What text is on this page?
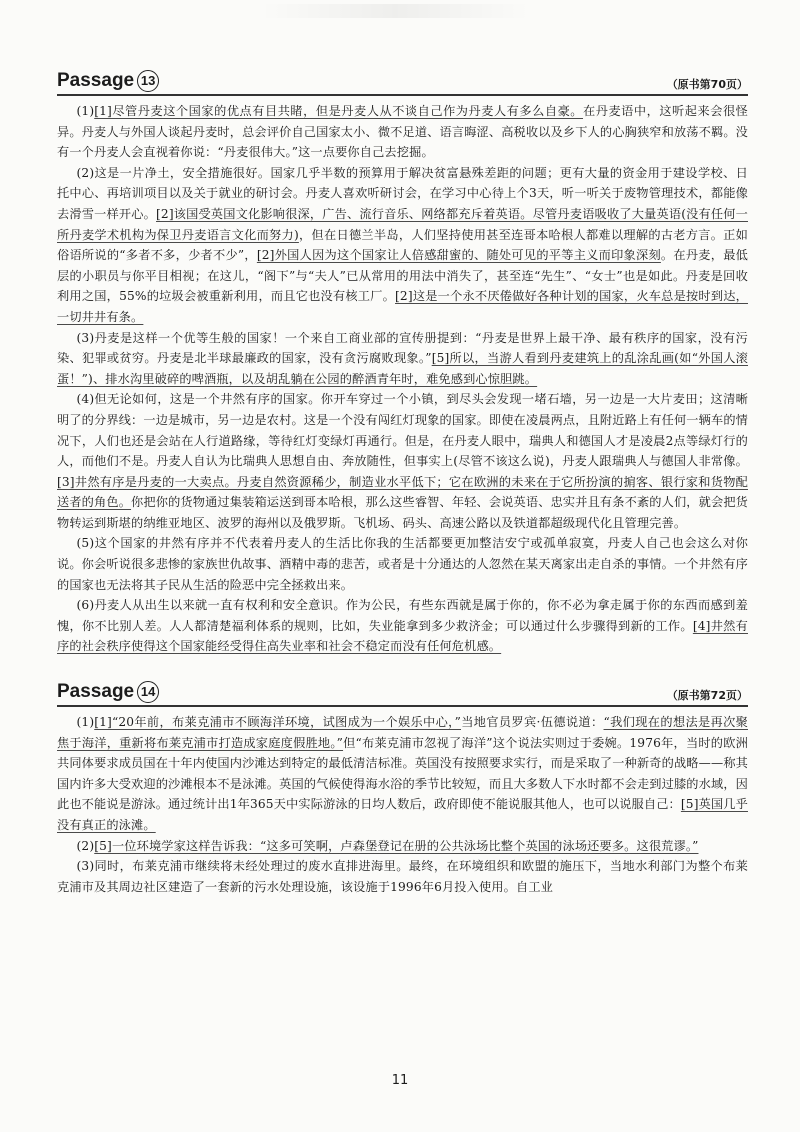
Passage 13	（原书第70页）

(1)[1]尽管丹麦这个国家的优点有目共睹，但是丹麦人从不谈自己作为丹麦人有多么自豪。在丹麦语中，这听起来会很怪异。丹麦人与外国人谈起丹麦时，总会评价自己国家太小、微不足道、语言晦涩、高税收以及乡下人的心胸狭窄和放荡不羁。没有一个丹麦人会直视着你说：“丹麦很伟大。”这一点要你自己去挖掘。

(2)这是一片净土，安全措施很好。国家几乎半数的预算用于解决贫富悬殊差距的问题；更有大量的资金用于建设学校、日托中心、再培训项目以及关于就业的研讨会。丹麦人喜欢听研讨会，在学习中心待上个3天，听一听关于废物管理技术，都能像去滑雪一样开心。[2]该国受英国文化影响很深，广告、流行音乐、网络都充斥着英语。尽管丹麦语吸收了大量英语(没有任何一所丹麦学术机构为保卫丹麦语言文化而努力)，但在日德兰半岛，人们坚持使用甚至连哥本哈根人都难以理解的古老方言。正如俗语所说的“多者不多，少者不少”，[2]外国人因为这个国家让人倍感甜蜜的、随处可见的平等主义而印象深刻。在丹麦，最低层的小职员与你平目相视；在这儿，“阁下”与“夫人”已从常用的用法中消失了，甚至连“先生”、“女士”也是如此。丹麦是回收利用之国，55%的垃圾会被重新利用，而且它也没有核工厂。[2]这是一个永不厌倦做好各种计划的国家，火车总是按时到达，一切井井有条。

(3)丹麦是这样一个优等生般的国家！一个来自工商业部的宣传册提到：“丹麦是世界上最干净、最有秩序的国家，没有污染、犯罪或贫穷。丹麦是北半球最廉政的国家，没有贪污腐败现象。”[5]所以，当游人看到丹麦建筑上的乱涂乱画(如“外国人滚蛋！”)、排水沟里破碎的啤酒瓶，以及胡乱躺在公园的醉酒青年时，难免感到心惊胆跳。

(4)但无论如何，这是一个井然有序的国家。你开车穿过一个小镇，到尽头会发现一堵石墙，另一边是一大片麦田；这清晰明了的分界线：一边是城市，另一边是农村。这是一个没有闯红灯现象的国家。即使在凌晨两点，且附近路上有任何一辆车的情况下，人们也还是会站在人行道路缘，等待红灯变绿灯再通行。但是，在丹麦人眼中，瑞典人和德国人才是凌晨2点等绿灯行的人，而他们不是。丹麦人自认为比瑞典人思想自由、奔放随性，但事实上(尽管不该这么说)，丹麦人跟瑞典人与德国人非常像。[3]井然有序是丹麦的一大卖点。丹麦自然资源稀少，制造业水平低下；它在欧洲的未来在于它所扮演的掮客、银行家和货物配送者的角色。你把你的货物通过集装箱运送到哥本哈根，那么这些睿智、年轻、会说英语、忠实并且有条不紊的人们，就会把货物转运到斯堪的纳维亚地区、波罗的海州以及俄罗斯。飞机场、码头、高速公路以及铁道都超级现代化且管理完善。

(5)这个国家的井然有序并不代表着丹麦人的生活比你我的生活都要更加整洁安宁或孤单寂寞，丹麦人自己也会这么对你说。你会听说很多悲惨的家族世仇故事、酒精中毒的悲苦，或者是十分通达的人忽然在某天离家出走自杀的事情。一个井然有序的国家也无法将其子民从生活的险恶中完全拯救出来。

(6)丹麦人从出生以来就一直有权利和安全意识。作为公民，有些东西就是属于你的，你不必为拿走属于你的东西而感到羞愧，你不比别人差。人人都清楚福利体系的规则，比如，失业能拿到多少救济金；可以通过什么步骤得到新的工作。[4]井然有序的社会秩序使得这个国家能经受得住高失业率和社会不稳定而没有任何危机感。

Passage 14	（原书第72页）

(1)[1]“20年前，布莱克浦市不顾海洋环境，试图成为一个娱乐中心，”当地官员罗宾·伍德说道：“我们现在的想法是再次聚焦于海洋，重新将布莱克浦市打造成家庭度假胜地。”但“布莱克浦市忽视了海洋”这个说法实则过于委婉。1976年，当时的欧洲共同体要求成员国在十年内使国内沙滩达到特定的最低清洁标准。英国没有按照要求实行，而是采取了一种新奇的战略——称其国内许多大受欢迎的沙滩根本不是泳滩。英国的气候使得海水浴的季节比较短，而且大多数人下水时都不会走到过膝的水域，因此也不能说是游泳。通过统计出1年365天中实际游泳的日均人数后，政府即使不能说服其他人，也可以说服自己：[5]英国几乎没有真正的泳滩。

(2)[5]一位环境学家这样告诉我：“这多可笑啊，卢森堡登记在册的公共泳场比整个英国的泳场还要多。这很荒谬。”

(3)同时，布莱克浦市继续将未经处理过的废水直排进海里。最终，在环境组织和欧盟的施压下，当地水利部门为整个布莱克浦市及其周边社区建造了一套新的污水处理设施，该设施于1996年6月投入使用。自工业

11
